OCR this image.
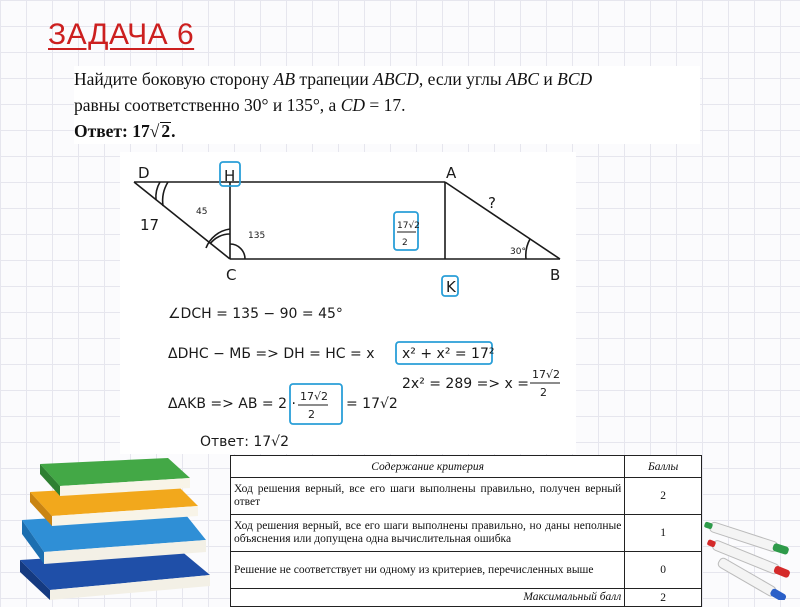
ЗАДАЧА 6
Найдите боковую сторону AB трапеции ABCD, если углы ABC и BCD
равны соответственно 30° и 135°, а CD = 17.
Ответ: 17√ 2.
D	H	A
C
K
B
17
?
45
135
30°
17√2
2
∠DCH = 135 − 90 = 45°
ΔDHC − МБ => DH = HC = x x² + x² = 17²
2x² = 289 => x =
ΔAKB => AB = 2 ·	= 17√2
Ответ: 17√2
17√2
2
17√2
2
Содержание критерия	Баллы
Ход решения верный, все его шаги выполнены правильно, получен верный ответ	2
Ход решения верный, все его шаги выполнены правильно, но даны неполные объяснения или допущена одна вычислительная ошибка	1
Решение не соответствует ни одному из критериев, перечисленных выше	0
Максимальный балл	2
